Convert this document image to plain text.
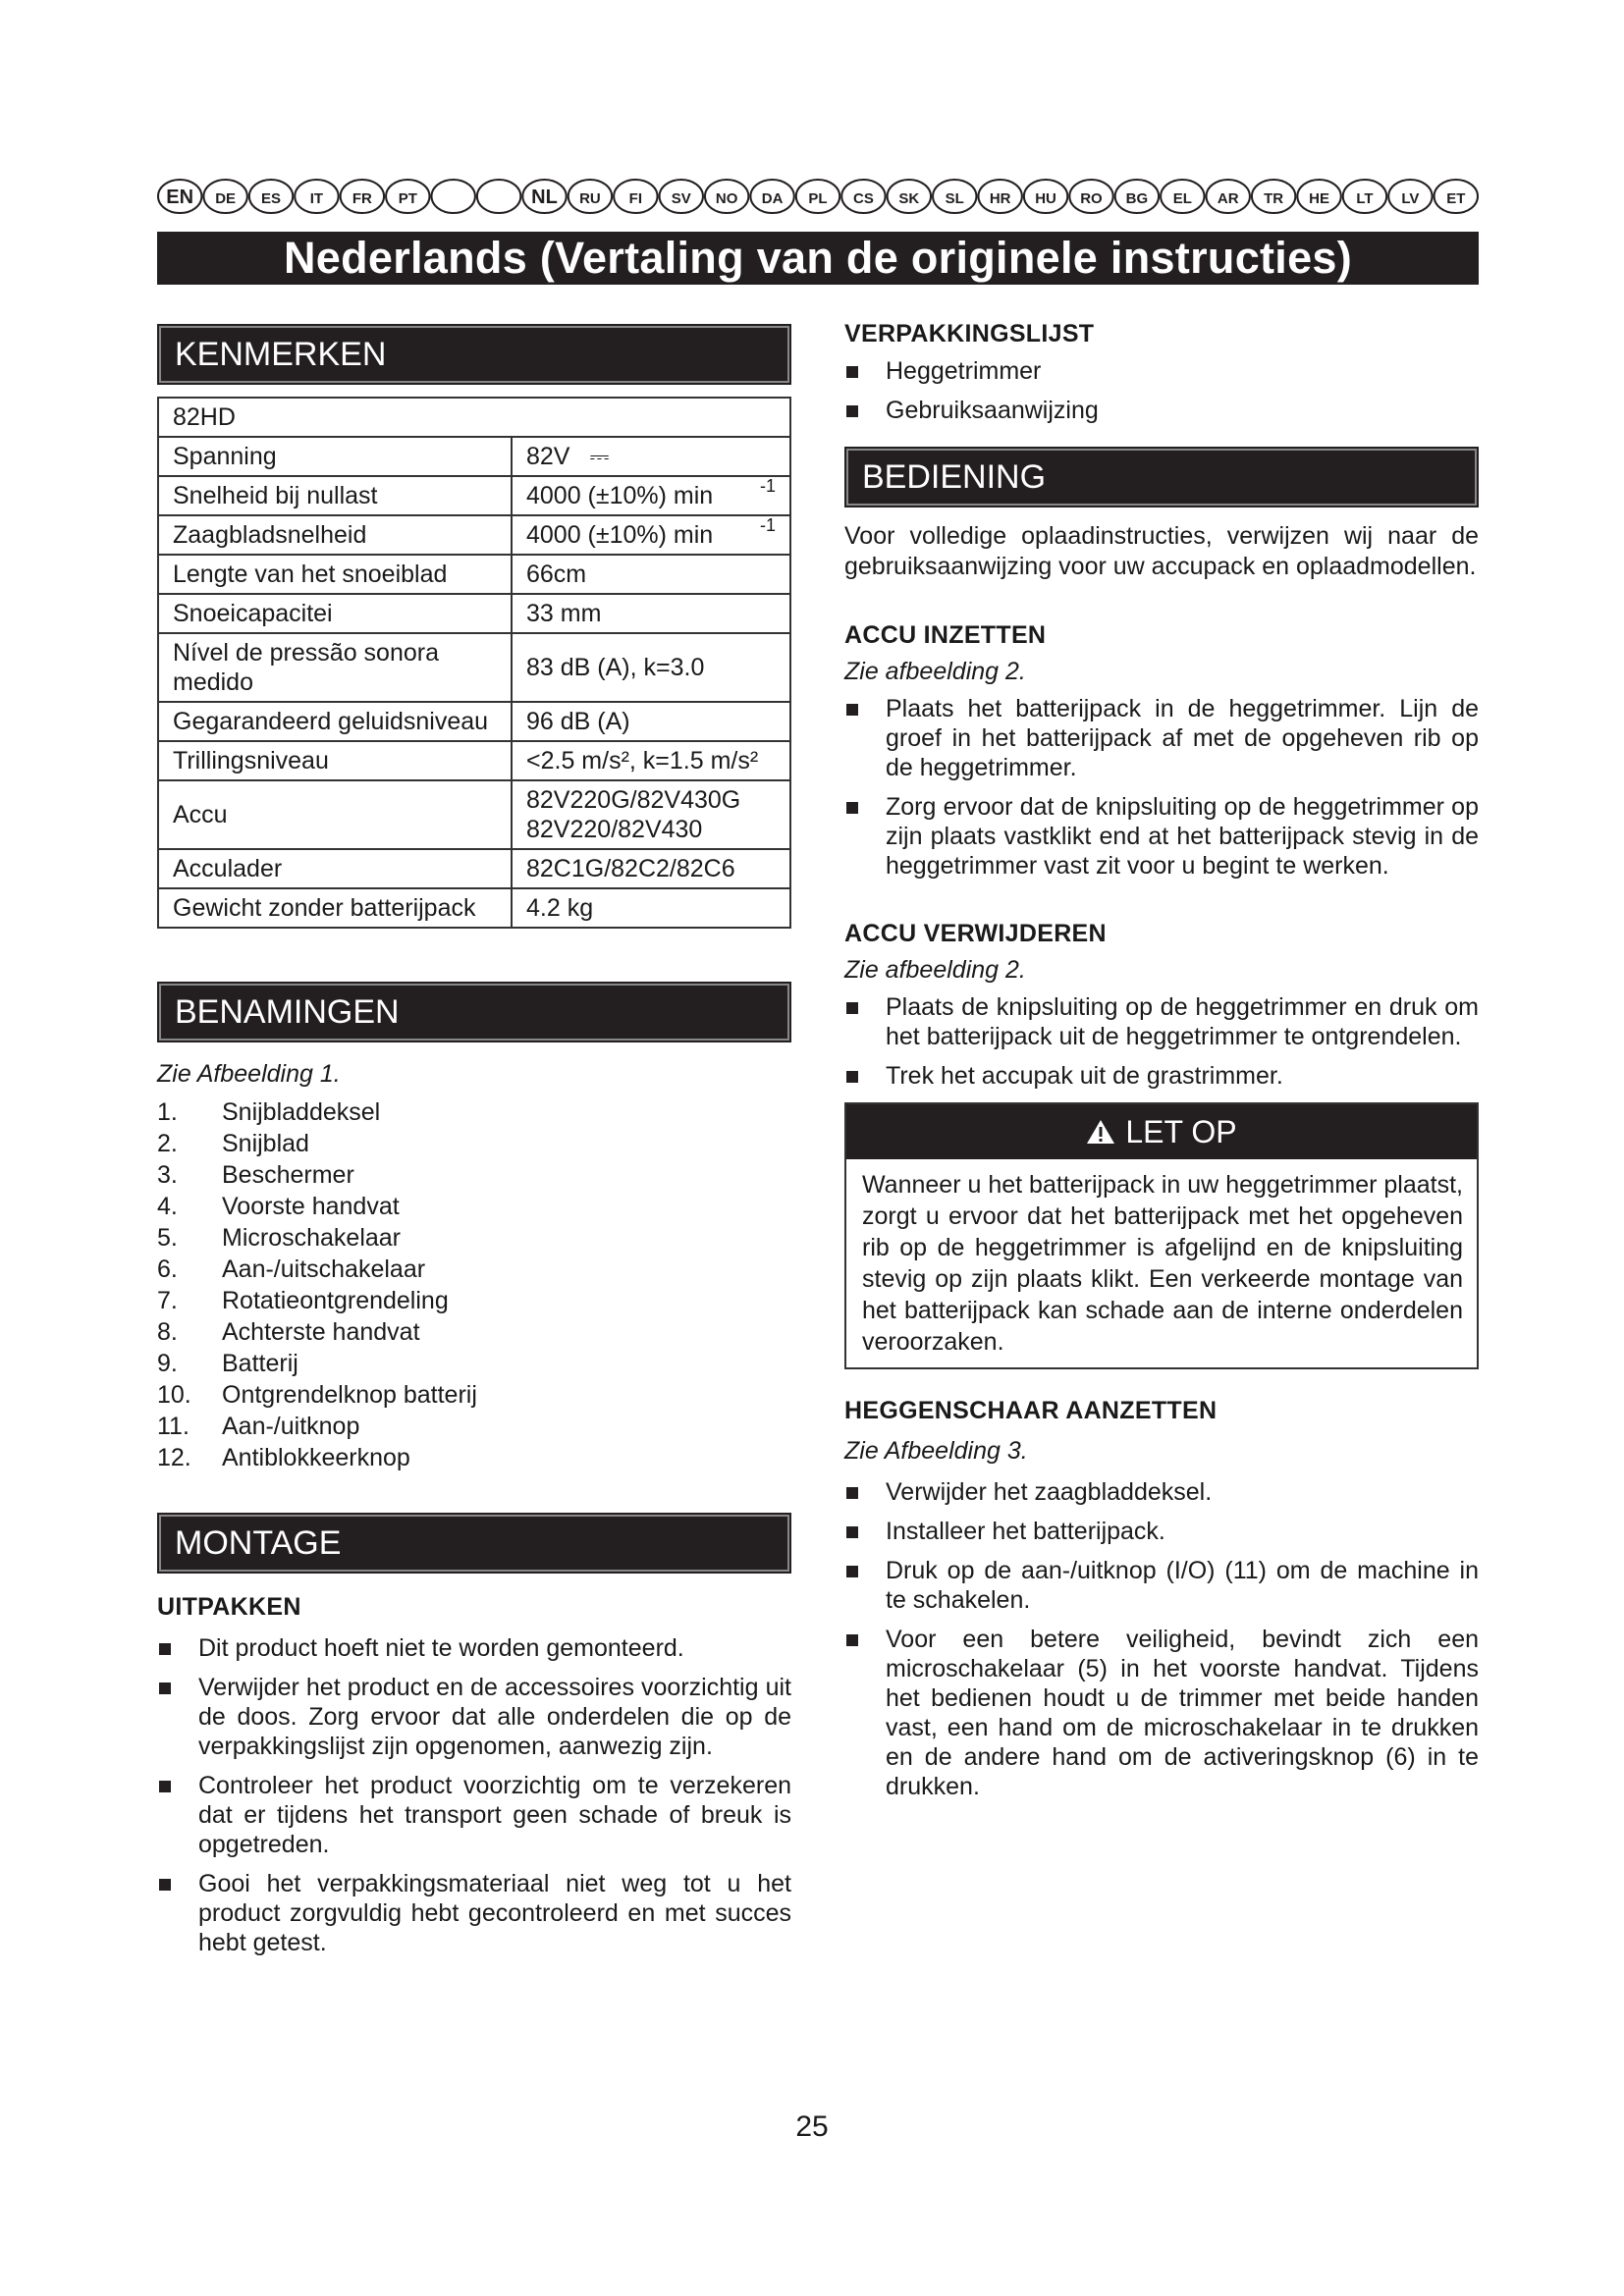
EN DE ES IT FR PT	NL RU FI SV NO DA PL CS SK SL HR HU RO BG EL AR TR HE LT LV ET
Nederlands (Vertaling van de originele instructies)
KENMERKEN
82HD	
Spanning	82V ⎓
Snelheid bij nullast	4000 (±10%) min -1

Zaagbladsnelheid	4000 (±10%) min -1

Lengte van het snoeiblad	66cm
Snoeicapacitei	33 mm
Nível de pressão sonora medido	83 dB (A), k=3.0
Gegarandeerd geluidsniveau	96 dB (A)
Trillingsniveau	<2.5 m/s², k=1.5 m/s²
Accu	82V220G/82V430G 82V220/82V430
Acculader	82C1G/82C2/82C6
Gewicht zonder batterijpack	4.2 kg
BENAMINGEN
Zie Afbeelding 1.
1.	Snijbladdeksel
2.	Snijblad
3.	Beschermer
4.	Voorste handvat
5.	Microschakelaar
6.	Aan-/uitschakelaar
7.	Rotatieontgrendeling
8.	Achterste handvat
9.	Batterij
10.	Ontgrendelknop batterij
11.	Aan-/uitknop
12.	Antiblokkeerknop
MONTAGE
UITPAKKEN
Dit product hoeft niet te worden gemonteerd.
Verwijder het product en de accessoires voorzichtig uit de doos. Zorg ervoor dat alle onderdelen die op de verpakkingslijst zijn opgenomen, aanwezig zijn.
Controleer het product voorzichtig om te verzekeren dat er tijdens het transport geen schade of breuk is opgetreden.
Gooi het verpakkingsmateriaal niet weg tot u het product zorgvuldig hebt gecontroleerd en met succes hebt getest.
VERPAKKINGSLIJST
Heggetrimmer
Gebruiksaanwijzing
BEDIENING
Voor volledige oplaadinstructies, verwijzen wij naar de gebruiksaanwijzing voor uw accupack en oplaadmodellen.
ACCU INZETTEN
Zie afbeelding 2.
Plaats het batterijpack in de heggetrimmer. Lijn de groef in het batterijpack af met de opgeheven rib op de heggetrimmer.
Zorg ervoor dat de knipsluiting op de heggetrimmer op zijn plaats vastklikt end at het batterijpack stevig in de heggetrimmer vast zit voor u begint te werken.
ACCU VERWIJDEREN
Zie afbeelding 2.
Plaats de knipsluiting op de heggetrimmer en druk om het batterijpack uit de heggetrimmer te ontgrendelen.
Trek het accupak uit de grastrimmer.
LET OP
Wanneer u het batterijpack in uw heggetrimmer plaatst, zorgt u ervoor dat het batterijpack met het opgeheven rib op de heggetrimmer is afgelijnd en de knipsluiting stevig op zijn plaats klikt. Een verkeerde montage van het batterijpack kan schade aan de interne onderdelen veroorzaken.
HEGGENSCHAAR AANZETTEN
Zie Afbeelding 3.
Verwijder het zaagbladdeksel.
Installeer het batterijpack.
Druk op de aan-/uitknop (I/O) (11) om de machine in te schakelen.
Voor een betere veiligheid, bevindt zich een microschakelaar (5) in het voorste handvat. Tijdens het bedienen houdt u de trimmer met beide handen vast, een hand om de microschakelaar in te drukken en de andere hand om de activeringsknop (6) in te drukken.
25
